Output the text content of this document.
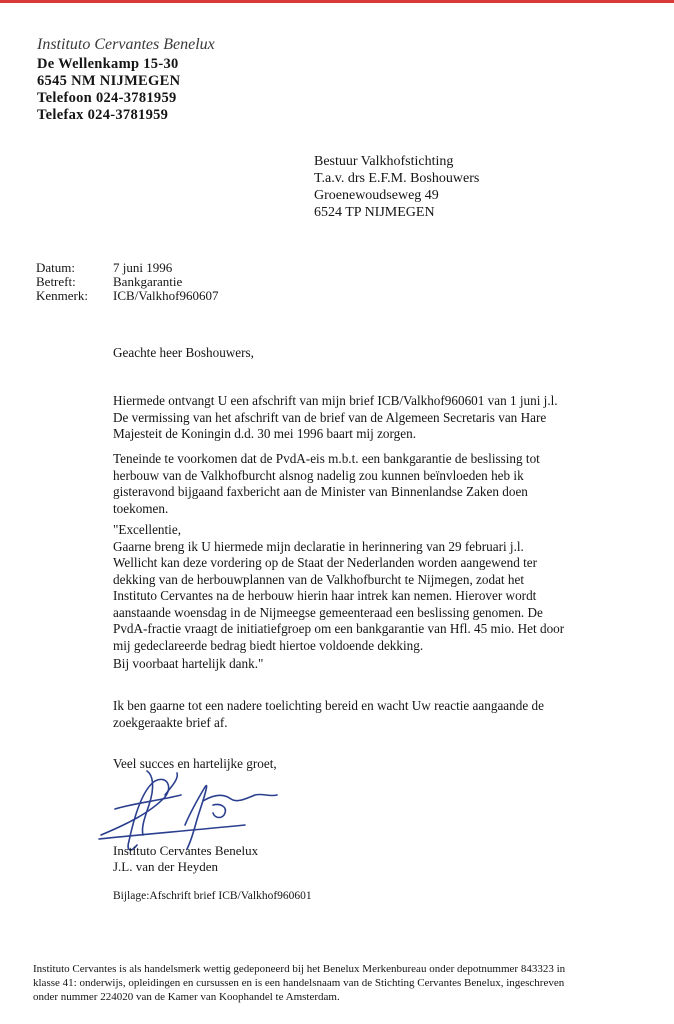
Instituto Cervantes Benelux
De Wellenkamp 15-30
6545 NM NIJMEGEN
Telefoon 024-3781959
Telefax 024-3781959
Bestuur Valkhofstichting
T.a.v. drs E.F.M. Boshouwers
Groenewoudseweg 49
6524 TP NIJMEGEN
Datum:	7 juni 1996
Betreft:	Bankgarantie
Kenmerk: ICB/Valkhof960607
Geachte heer Boshouwers,
Hiermede ontvangt U een afschrift van mijn brief ICB/Valkhof960601 van 1 juni j.l.
De vermissing van het afschrift van de brief van de Algemeen Secretaris van Hare
Majesteit de Koningin d.d. 30 mei 1996 baart mij zorgen.
Teneinde te voorkomen dat de PvdA-eis m.b.t. een bankgarantie de beslissing tot
herbouw van de Valkhofburcht alsnog nadelig zou kunnen beïnvloeden heb ik
gisteravond bijgaand faxbericht aan de Minister van Binnenlandse Zaken doen
toekomen.
"Excellentie,
Gaarne breng ik U hiermede mijn declaratie in herinnering van 29 februari j.l.
Wellicht kan deze vordering op de Staat der Nederlanden worden aangewend ter
dekking van de herbouwplannen van de Valkhofburcht te Nijmegen, zodat het
Instituto Cervantes na de herbouw hierin haar intrek kan nemen. Hierover wordt
aanstaande woensdag in de Nijmeegse gemeenteraad een beslissing genomen. De
PvdA-fractie vraagt de initiatiefgroep om een bankgarantie van Hfl. 45 mio. Het door
mij gedeclareerde bedrag biedt hiertoe voldoende dekking.
Bij voorbaat hartelijk dank."
Ik ben gaarne tot een nadere toelichting bereid en wacht Uw reactie aangaande de
zoekgeraakte brief af.
Veel succes en hartelijke groet,
Instituto Cervantes Benelux
J.L. van der Heyden
Bijlage:Afschrift brief ICB/Valkhof960601
Instituto Cervantes is als handelsmerk wettig gedeponeerd bij het Benelux Merkenbureau onder depotnummer 843323 in
klasse 41: onderwijs, opleidingen en cursussen en is een handelsnaam van de Stichting Cervantes Benelux, ingeschreven
onder nummer 224020 van de Kamer van Koophandel te Amsterdam.
